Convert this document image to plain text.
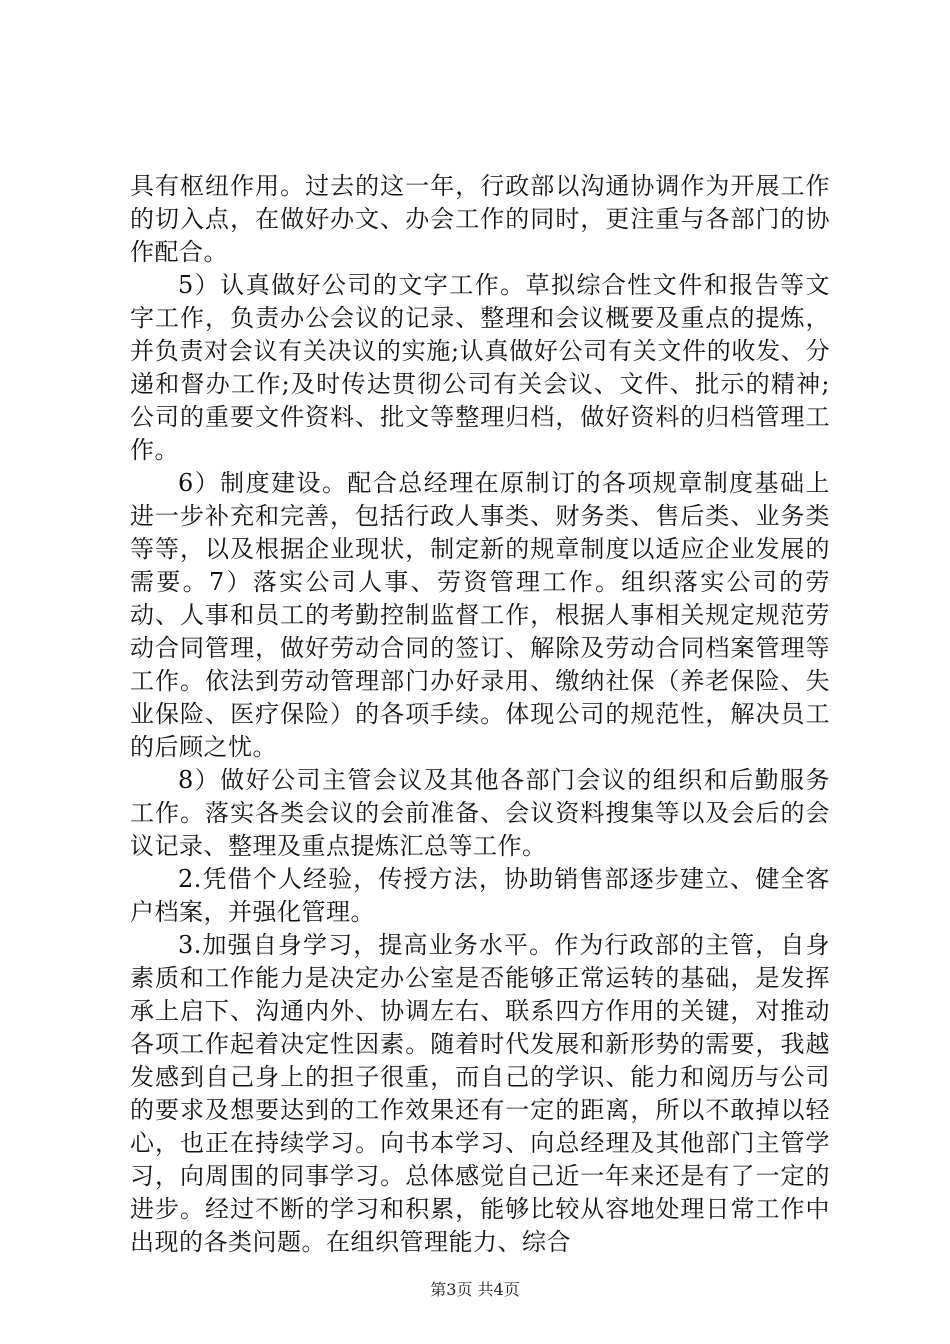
具有枢纽作用。过去的这一年，行政部以沟通协调作为开展工作的切入点，在做好办文、办会工作的同时，更注重与各部门的协作配合。

5）认真做好公司的文字工作。草拟综合性文件和报告等文字工作，负责办公会议的记录、整理和会议概要及重点的提炼，并负责对会议有关决议的实施;认真做好公司有关文件的收发、分递和督办工作;及时传达贯彻公司有关会议、文件、批示的精神;公司的重要文件资料、批文等整理归档，做好资料的归档管理工作。

6）制度建设。配合总经理在原制订的各项规章制度基础上进一步补充和完善，包括行政人事类、财务类、售后类、业务类等等，以及根据企业现状，制定新的规章制度以适应企业发展的需要。7）落实公司人事、劳资管理工作。组织落实公司的劳动、人事和员工的考勤控制监督工作，根据人事相关规定规范劳动合同管理，做好劳动合同的签订、解除及劳动合同档案管理等工作。依法到劳动管理部门办好录用、缴纳社保（养老保险、失业保险、医疗保险）的各项手续。体现公司的规范性，解决员工的后顾之忧。

8）做好公司主管会议及其他各部门会议的组织和后勤服务工作。落实各类会议的会前准备、会议资料搜集等以及会后的会议记录、整理及重点提炼汇总等工作。

2.凭借个人经验，传授方法，协助销售部逐步建立、健全客户档案，并强化管理。

3.加强自身学习，提高业务水平。作为行政部的主管，自身素质和工作能力是决定办公室是否能够正常运转的基础，是发挥承上启下、沟通内外、协调左右、联系四方作用的关键，对推动各项工作起着决定性因素。随着时代发展和新形势的需要，我越发感到自己身上的担子很重，而自己的学识、能力和阅历与公司的要求及想要达到的工作效果还有一定的距离，所以不敢掉以轻心，也正在持续学习。向书本学习、向总经理及其他部门主管学习，向周围的同事学习。总体感觉自己近一年来还是有了一定的进步。经过不断的学习和积累，能够比较从容地处理日常工作中出现的各类问题。在组织管理能力、综合

第3页 共4页
